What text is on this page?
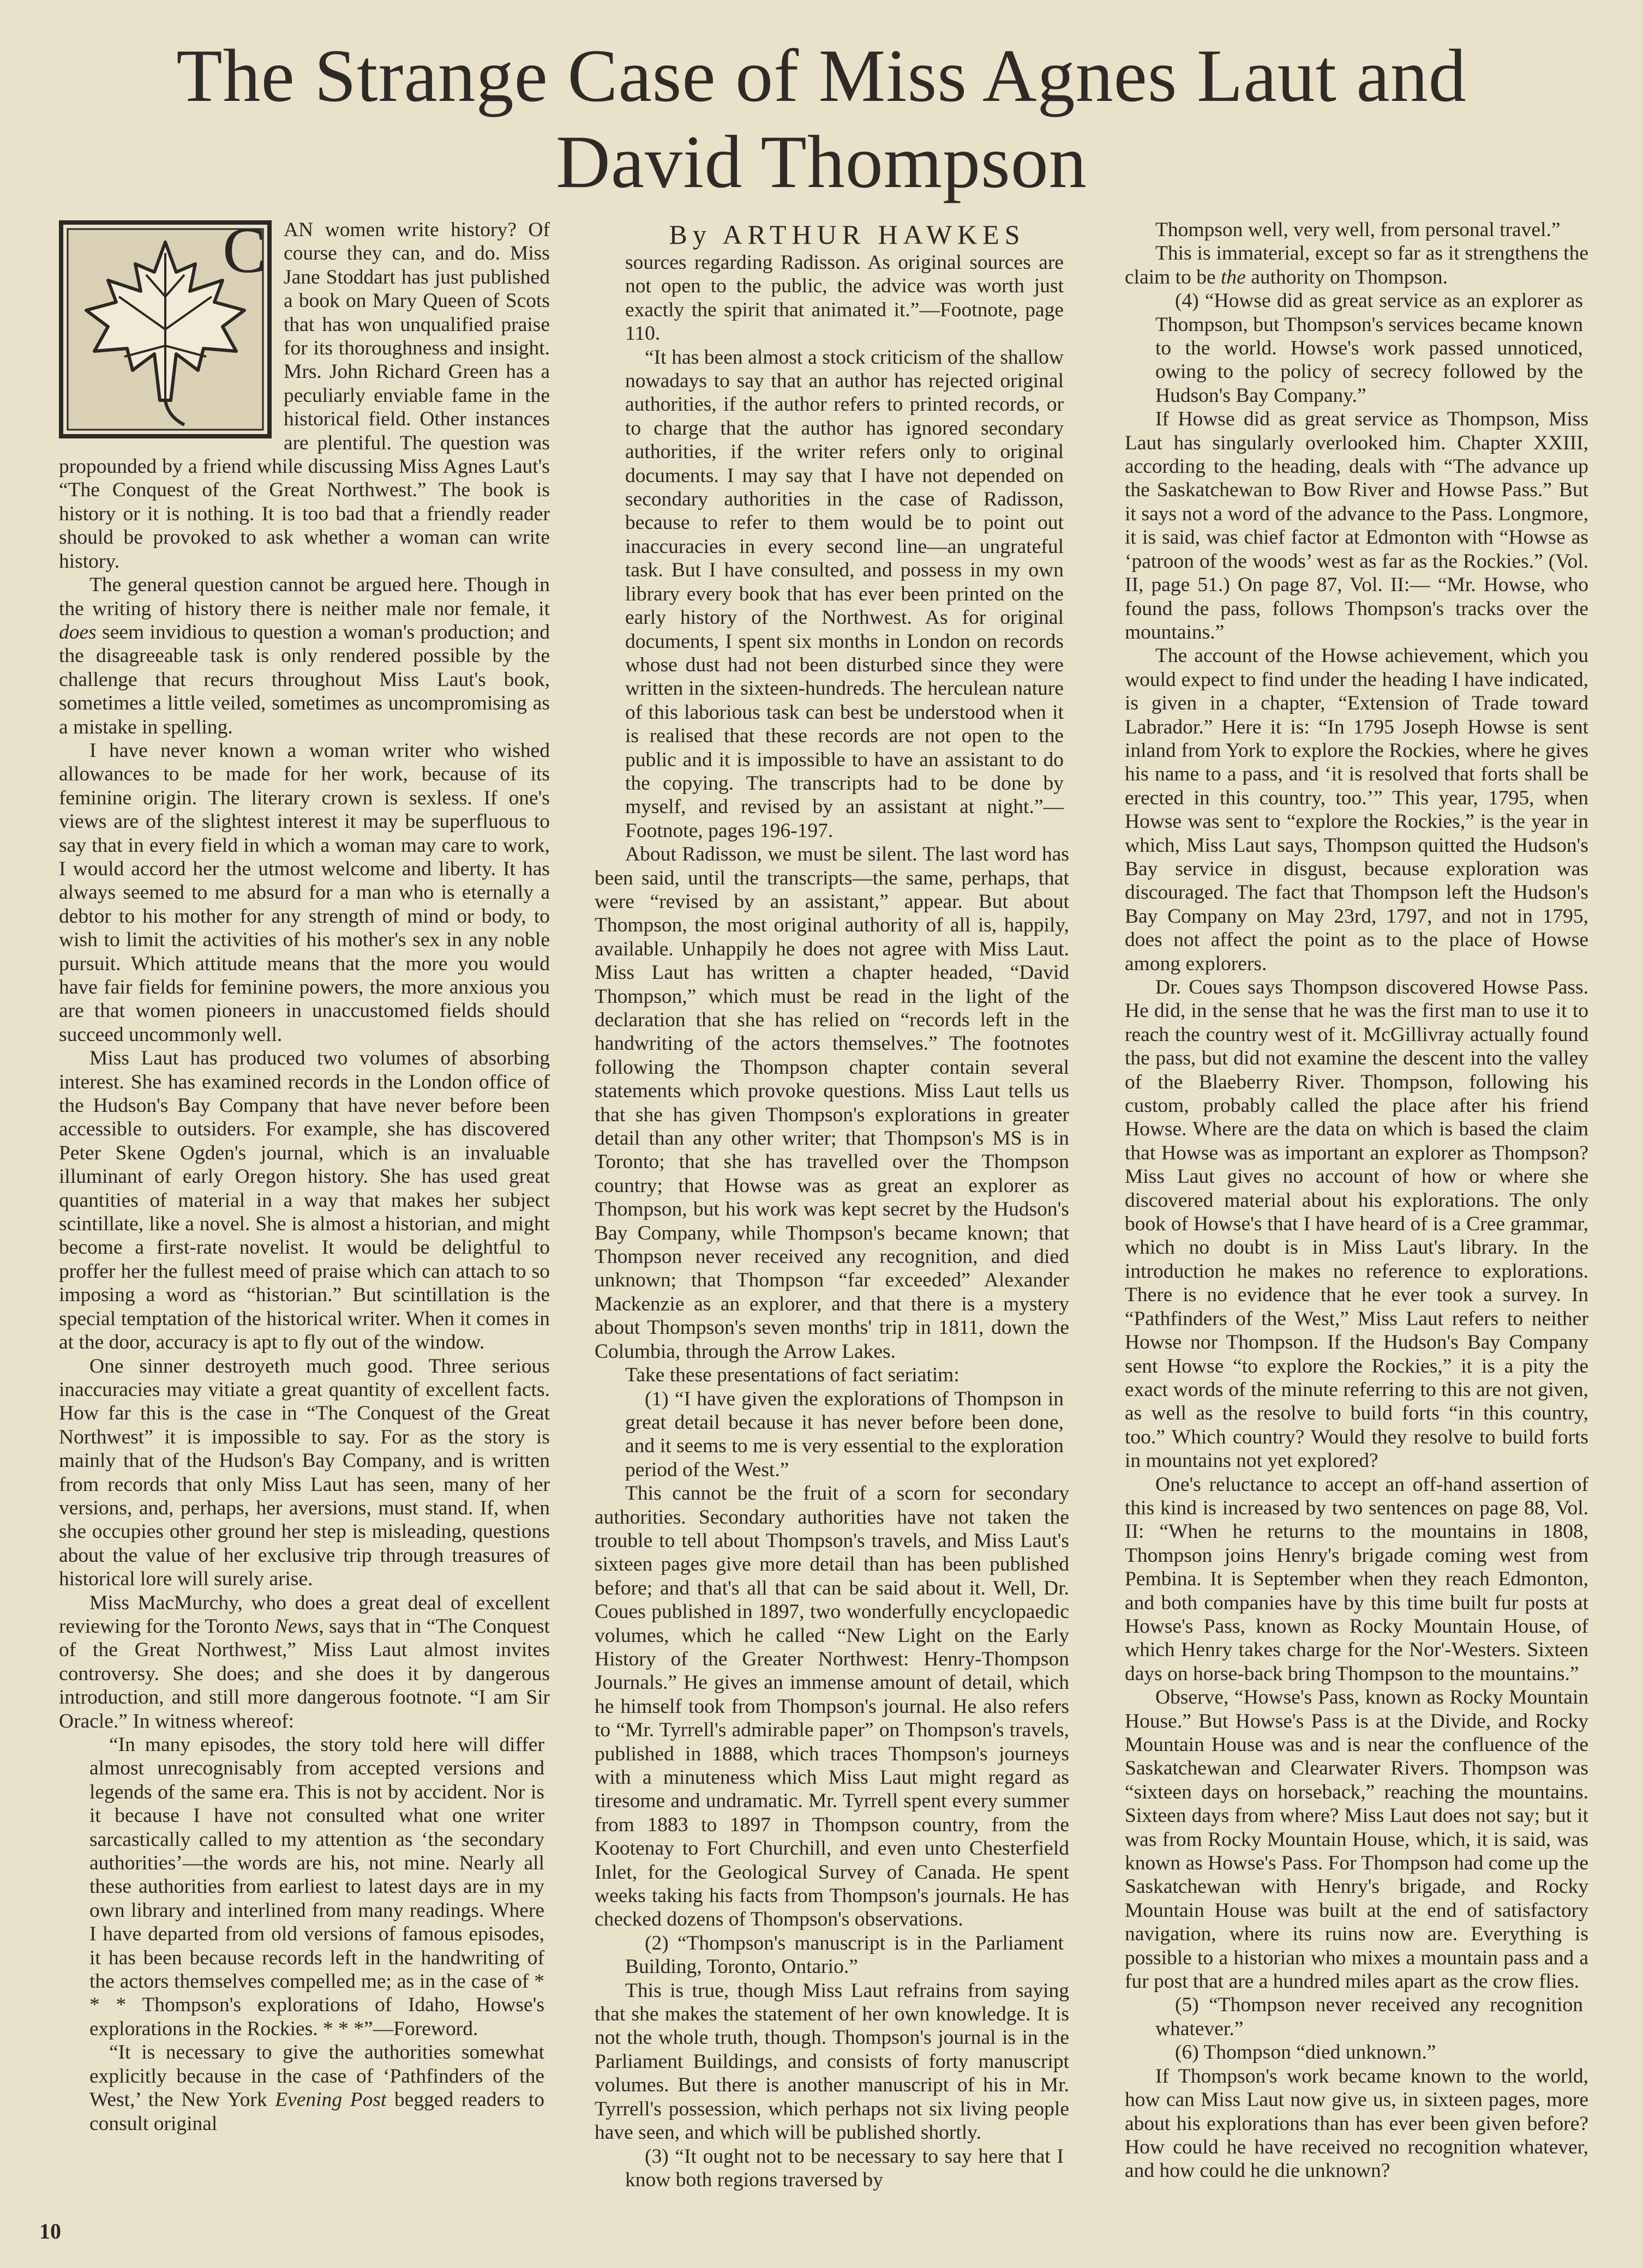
The Strange Case of Miss Agnes Laut and
David Thompson
C AN women write history? Of course they can, and do. Miss Jane Stoddart has just published a book on Mary Queen of Scots that has won unqualified praise for its thoroughness and insight. Mrs. John Richard Green has a peculiarly enviable fame in the historical field. Other instances are plentiful. The question was propounded by a friend while discussing Miss Agnes Laut's “The Conquest of the Great Northwest.” The book is history or it is nothing. It is too bad that a friendly reader should be provoked to ask whether a woman can write history.

The general question cannot be argued here. Though in the writing of history there is neither male nor female, it does seem invidious to question a woman's production; and the disagreeable task is only rendered possible by the challenge that recurs throughout Miss Laut's book, sometimes a little veiled, sometimes as uncompromising as a mistake in spelling.

I have never known a woman writer who wished allowances to be made for her work, because of its feminine origin. The literary crown is sexless. If one's views are of the slightest interest it may be superfluous to say that in every field in which a woman may care to work, I would accord her the utmost welcome and liberty. It has always seemed to me absurd for a man who is eternally a debtor to his mother for any strength of mind or body, to wish to limit the activities of his mother's sex in any noble pursuit. Which attitude means that the more you would have fair fields for feminine powers, the more anxious you are that women pioneers in unaccustomed fields should succeed uncommonly well.

Miss Laut has produced two volumes of absorbing interest. She has examined records in the London office of the Hudson's Bay Company that have never before been accessible to outsiders. For example, she has discovered Peter Skene Ogden's journal, which is an invaluable illuminant of early Oregon history. She has used great quantities of material in a way that makes her subject scintillate, like a novel. She is almost a historian, and might become a first-rate novelist. It would be delightful to proffer her the fullest meed of praise which can attach to so imposing a word as “historian.” But scintillation is the special temptation of the historical writer. When it comes in at the door, accuracy is apt to fly out of the window.

One sinner destroyeth much good. Three serious inaccuracies may vitiate a great quantity of excellent facts. How far this is the case in “The Conquest of the Great Northwest” it is impossible to say. For as the story is mainly that of the Hudson's Bay Company, and is written from records that only Miss Laut has seen, many of her versions, and, perhaps, her aversions, must stand. If, when she occupies other ground her step is misleading, questions about the value of her exclusive trip through treasures of historical lore will surely arise.

Miss MacMurchy, who does a great deal of excellent reviewing for the Toronto News, says that in “The Conquest of the Great Northwest,” Miss Laut almost invites controversy. She does; and she does it by dangerous introduction, and still more dangerous footnote. “I am Sir Oracle.” In witness whereof:

“In many episodes, the story told here will differ almost unrecognisably from accepted versions and legends of the same era. This is not by accident. Nor is it because I have not consulted what one writer sarcastically called to my attention as ‘the secondary authorities’—the words are his, not mine. Nearly all these authorities from earliest to latest days are in my own library and interlined from many readings. Where I have departed from old versions of famous episodes, it has been because records left in the handwriting of the actors themselves compelled me; as in the case of * * * Thompson's explorations of Idaho, Howse's explorations in the Rockies. * * *”—Foreword.

“It is necessary to give the authorities somewhat explicitly because in the case of ‘Pathfinders of the West,’ the New York Evening Post begged readers to consult original

By ARTHUR HAWKES

sources regarding Radisson. As original sources are not open to the public, the advice was worth just exactly the spirit that animated it.”—Footnote, page 110.

“It has been almost a stock criticism of the shallow nowadays to say that an author has rejected original authorities, if the author refers to printed records, or to charge that the author has ignored secondary authorities, if the writer refers only to original documents. I may say that I have not depended on secondary authorities in the case of Radisson, because to refer to them would be to point out inaccuracies in every second line—an ungrateful task. But I have consulted, and possess in my own library every book that has ever been printed on the early history of the Northwest. As for original documents, I spent six months in London on records whose dust had not been disturbed since they were written in the sixteen-hundreds. The herculean nature of this laborious task can best be understood when it is realised that these records are not open to the public and it is impossible to have an assistant to do the copying. The transcripts had to be done by myself, and revised by an assistant at night.”—Footnote, pages 196-197.

About Radisson, we must be silent. The last word has been said, until the transcripts—the same, perhaps, that were “revised by an assistant,” appear. But about Thompson, the most original authority of all is, happily, available. Unhappily he does not agree with Miss Laut. Miss Laut has written a chapter headed, “David Thompson,” which must be read in the light of the declaration that she has relied on “records left in the handwriting of the actors themselves.” The footnotes following the Thompson chapter contain several statements which provoke questions. Miss Laut tells us that she has given Thompson's explorations in greater detail than any other writer; that Thompson's MS is in Toronto; that she has travelled over the Thompson country; that Howse was as great an explorer as Thompson, but his work was kept secret by the Hudson's Bay Company, while Thompson's became known; that Thompson never received any recognition, and died unknown; that Thompson “far exceeded” Alexander Mackenzie as an explorer, and that there is a mystery about Thompson's seven months' trip in 1811, down the Columbia, through the Arrow Lakes.

Take these presentations of fact seriatim:

(1) “I have given the explorations of Thompson in great detail because it has never before been done, and it seems to me is very essential to the exploration period of the West.”

This cannot be the fruit of a scorn for secondary authorities. Secondary authorities have not taken the trouble to tell about Thompson's travels, and Miss Laut's sixteen pages give more detail than has been published before; and that's all that can be said about it. Well, Dr. Coues published in 1897, two wonderfully encyclopaedic volumes, which he called “New Light on the Early History of the Greater Northwest: Henry-Thompson Journals.” He gives an immense amount of detail, which he himself took from Thompson's journal. He also refers to “Mr. Tyrrell's admirable paper” on Thompson's travels, published in 1888, which traces Thompson's journeys with a minuteness which Miss Laut might regard as tiresome and undramatic. Mr. Tyrrell spent every summer from 1883 to 1897 in Thompson country, from the Kootenay to Fort Churchill, and even unto Chesterfield Inlet, for the Geological Survey of Canada. He spent weeks taking his facts from Thompson's journals. He has checked dozens of Thompson's observations.

(2) “Thompson's manuscript is in the Parliament Building, Toronto, Ontario.”

This is true, though Miss Laut refrains from saying that she makes the statement of her own knowledge. It is not the whole truth, though. Thompson's journal is in the Parliament Buildings, and consists of forty manuscript volumes. But there is another manuscript of his in Mr. Tyrrell's possession, which perhaps not six living people have seen, and which will be published shortly.

(3) “It ought not to be necessary to say here that I know both regions traversed by

Thompson well, very well, from personal travel.”

This is immaterial, except so far as it strengthens the claim to be the authority on Thompson.

(4) “Howse did as great service as an explorer as Thompson, but Thompson's services became known to the world. Howse's work passed unnoticed, owing to the policy of secrecy followed by the Hudson's Bay Company.”

If Howse did as great service as Thompson, Miss Laut has singularly overlooked him. Chapter XXIII, according to the heading, deals with “The advance up the Saskatchewan to Bow River and Howse Pass.” But it says not a word of the advance to the Pass. Longmore, it is said, was chief factor at Edmonton with “Howse as ‘patroon of the woods’ west as far as the Rockies.” (Vol. II, page 51.) On page 87, Vol. II:— “Mr. Howse, who found the pass, follows Thompson's tracks over the mountains.”

The account of the Howse achievement, which you would expect to find under the heading I have indicated, is given in a chapter, “Extension of Trade toward Labrador.” Here it is: “In 1795 Joseph Howse is sent inland from York to explore the Rockies, where he gives his name to a pass, and ‘it is resolved that forts shall be erected in this country, too.’” This year, 1795, when Howse was sent to “explore the Rockies,” is the year in which, Miss Laut says, Thompson quitted the Hudson's Bay service in disgust, because exploration was discouraged. The fact that Thompson left the Hudson's Bay Company on May 23rd, 1797, and not in 1795, does not affect the point as to the place of Howse among explorers.

Dr. Coues says Thompson discovered Howse Pass. He did, in the sense that he was the first man to use it to reach the country west of it. McGillivray actually found the pass, but did not examine the descent into the valley of the Blaeberry River. Thompson, following his custom, probably called the place after his friend Howse. Where are the data on which is based the claim that Howse was as important an explorer as Thompson? Miss Laut gives no account of how or where she discovered material about his explorations. The only book of Howse's that I have heard of is a Cree grammar, which no doubt is in Miss Laut's library. In the introduction he makes no reference to explorations. There is no evidence that he ever took a survey. In “Pathfinders of the West,” Miss Laut refers to neither Howse nor Thompson. If the Hudson's Bay Company sent Howse “to explore the Rockies,” it is a pity the exact words of the minute referring to this are not given, as well as the resolve to build forts “in this country, too.” Which country? Would they resolve to build forts in mountains not yet explored?

One's reluctance to accept an off-hand assertion of this kind is increased by two sentences on page 88, Vol. II: “When he returns to the mountains in 1808, Thompson joins Henry's brigade coming west from Pembina. It is September when they reach Edmonton, and both companies have by this time built fur posts at Howse's Pass, known as Rocky Mountain House, of which Henry takes charge for the Nor'-Westers. Sixteen days on horse-back bring Thompson to the mountains.”

Observe, “Howse's Pass, known as Rocky Mountain House.” But Howse's Pass is at the Divide, and Rocky Mountain House was and is near the confluence of the Saskatchewan and Clearwater Rivers. Thompson was “sixteen days on horseback,” reaching the mountains. Sixteen days from where? Miss Laut does not say; but it was from Rocky Mountain House, which, it is said, was known as Howse's Pass. For Thompson had come up the Saskatchewan with Henry's brigade, and Rocky Mountain House was built at the end of satisfactory navigation, where its ruins now are. Everything is possible to a historian who mixes a mountain pass and a fur post that are a hundred miles apart as the crow flies.

(5) “Thompson never received any recognition whatever.”

(6) Thompson “died unknown.”

If Thompson's work became known to the world, how can Miss Laut now give us, in sixteen pages, more about his explorations than has ever been given before? How could he have received no recognition whatever, and how could he die unknown?

10
